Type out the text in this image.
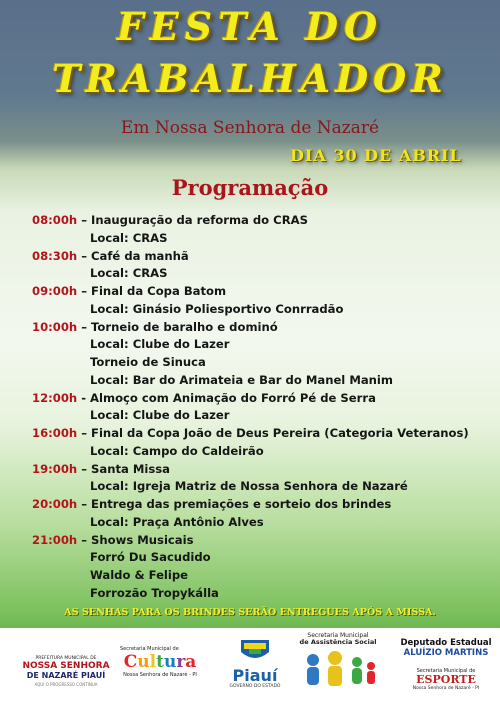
FESTA DO
TRABALHADOR
Em Nossa Senhora de Nazaré
DIA 30 DE ABRIL
Programação
08:00h – Inauguração da reforma do CRAS
Local: CRAS
08:30h – Café da manhã
Local: CRAS
09:00h – Final da Copa Batom
Local: Ginásio Poliesportivo Conrradão
10:00h – Torneio de baralho e dominó
Local: Clube do Lazer
Torneio de Sinuca
Local: Bar do Arimateia e Bar do Manel Manim
12:00h - Almoço com Animação do Forró Pé de Serra
Local: Clube do Lazer
16:00h – Final da Copa João de Deus Pereira (Categoria Veteranos)
Local: Campo do Caldeirão
19:00h – Santa Missa
Local: Igreja Matriz de Nossa Senhora de Nazaré
20:00h – Entrega das premiações e sorteio dos brindes
Local: Praça Antônio Alves
21:00h – Shows Musicais
Forró Du Sacudido
Waldo & Felipe
Forrozão Tropykálla
AS SENHAS PARA OS BRINDES SERÃO ENTREGUES APÓS A MISSA.
PREFEITURA MUNICIPAL DE
NOSSA SENHORA
DE NAZARÉ PIAUÍ
AQUI O PROGRESSO CONTINUA
Secretaria Municipal de
Cultura
Nossa Senhora de Nazaré - PI	Piauí
GOVERNO DO ESTADO
Secretaria Municipal
de Assistência Social	Deputado Estadual
ALUÍZIO MARTINS
Secretaria Municipal de
ESPORTE
Nossa Senhora de Nazaré - PI
